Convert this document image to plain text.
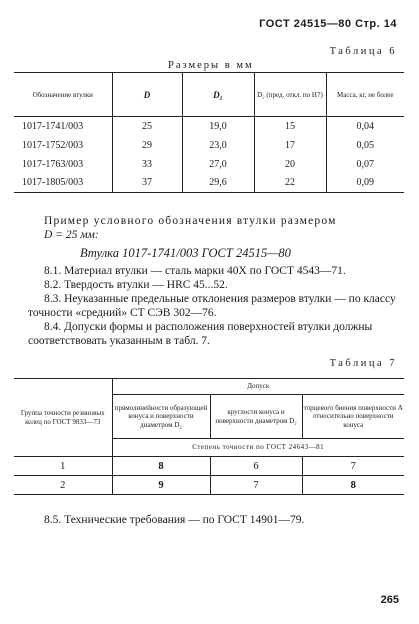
ГОСТ 24515—80 Стр. 14
Таблица 6
Размеры в мм
Обозначение втулки	D	D₁	D₂ (пред. откл. по H7)	Масса, кг, не более
1017-1741/003	25	19,0	15	0,04
1017-1752/003	29	23,0	17	0,05
1017-1763/003	33	27,0	20	0,07
1017-1805/003	37	29,6	22	0,09
Пример условного обозначения втулки размером
D = 25 мм:
Втулка 1017-1741/003 ГОСТ 24515—80
8.1. Материал втулки — сталь марки 40Х по ГОСТ 4543—71.
8.2. Твердость втулки — HRC 45...52.
8.3. Неуказанные предельные отклонения размеров втулки — по классу точности «средний» СТ СЭВ 302—76.
8.4. Допуски формы и расположения поверхностей втулки должны соответствовать указанным в табл. 7.
Таблица 7
Группа точности резиновых колец по ГОСТ 9833—73	Допуск		
	прямолинейности образующей конуса и поверхности диаметром D₂	круглости конуса и поверхности диаметром D₂	торцевого биения поверхности А относительно поверхности конуса
	Степень точности по ГОСТ 24643—81		
1	8	6	7
2	9	7	8
8.5. Технические требования — по ГОСТ 14901—79.
265
